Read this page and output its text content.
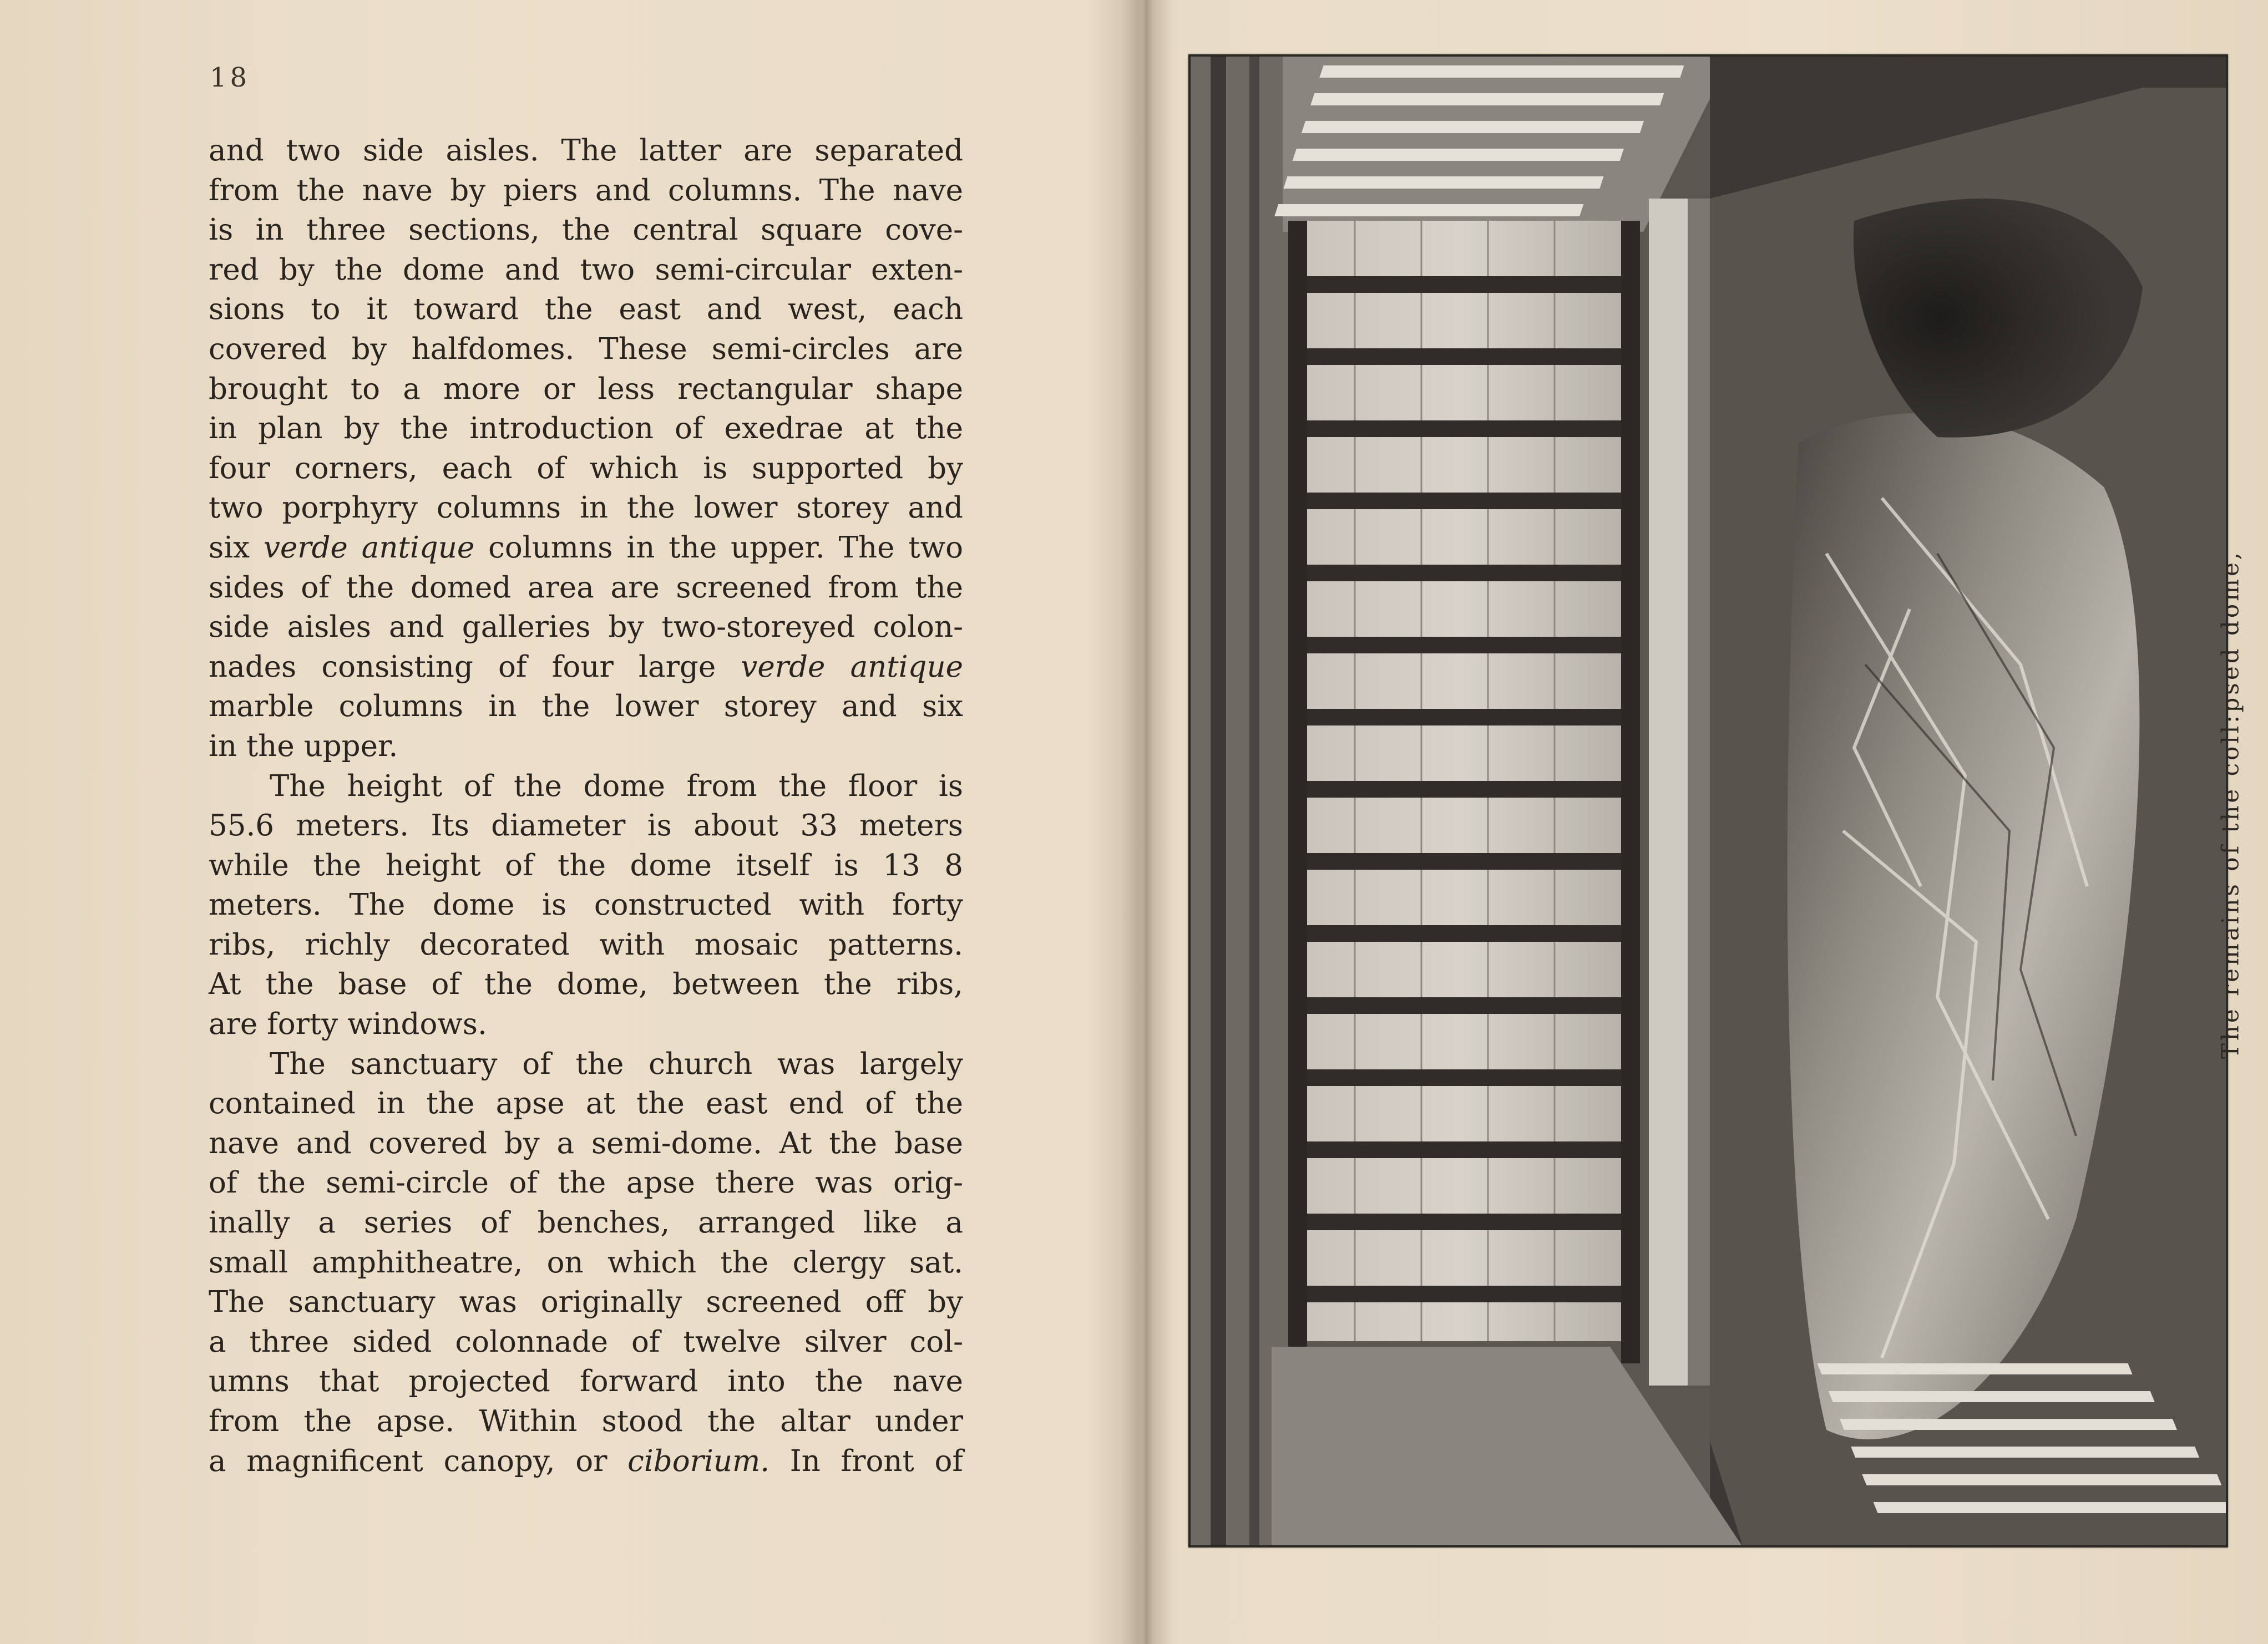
18
and two side aisles. The latter are separated
from the nave by piers and columns. The nave
is in three sections, the central square cove-
red by the dome and two semi-circular exten-
sions to it toward the east and west, each
covered by halfdomes. These semi-circles are
brought to a more or less rectangular shape
in plan by the introduction of exedrae at the
four corners, each of which is supported by
two porphyry columns in the lower storey and
six verde antique columns in the upper. The two
sides of the domed area are screened from the
side aisles and galleries by two-storeyed colon-
nades consisting of four large verde antique
marble columns in the lower storey and six
in the upper.
The height of the dome from the floor is
55.6 meters. Its diameter is about 33 meters
while the height of the dome itself is 13 8
meters. The dome is constructed with forty
ribs, richly decorated with mosaic patterns.
At the base of the dome, between the ribs,
are forty windows.
The sanctuary of the church was largely
contained in the apse at the east end of the
nave and covered by a semi-dome. At the base
of the semi-circle of the apse there was orig-
inally a series of benches, arranged like a
small amphitheatre, on which the clergy sat.
The sanctuary was originally screened off by
a three sided colonnade of twelve silver col-
umns that projected forward into the nave
from the apse. Within stood the altar under
a magnificent canopy, or ciborium. In front of
The remains of the coll:psed dome,
